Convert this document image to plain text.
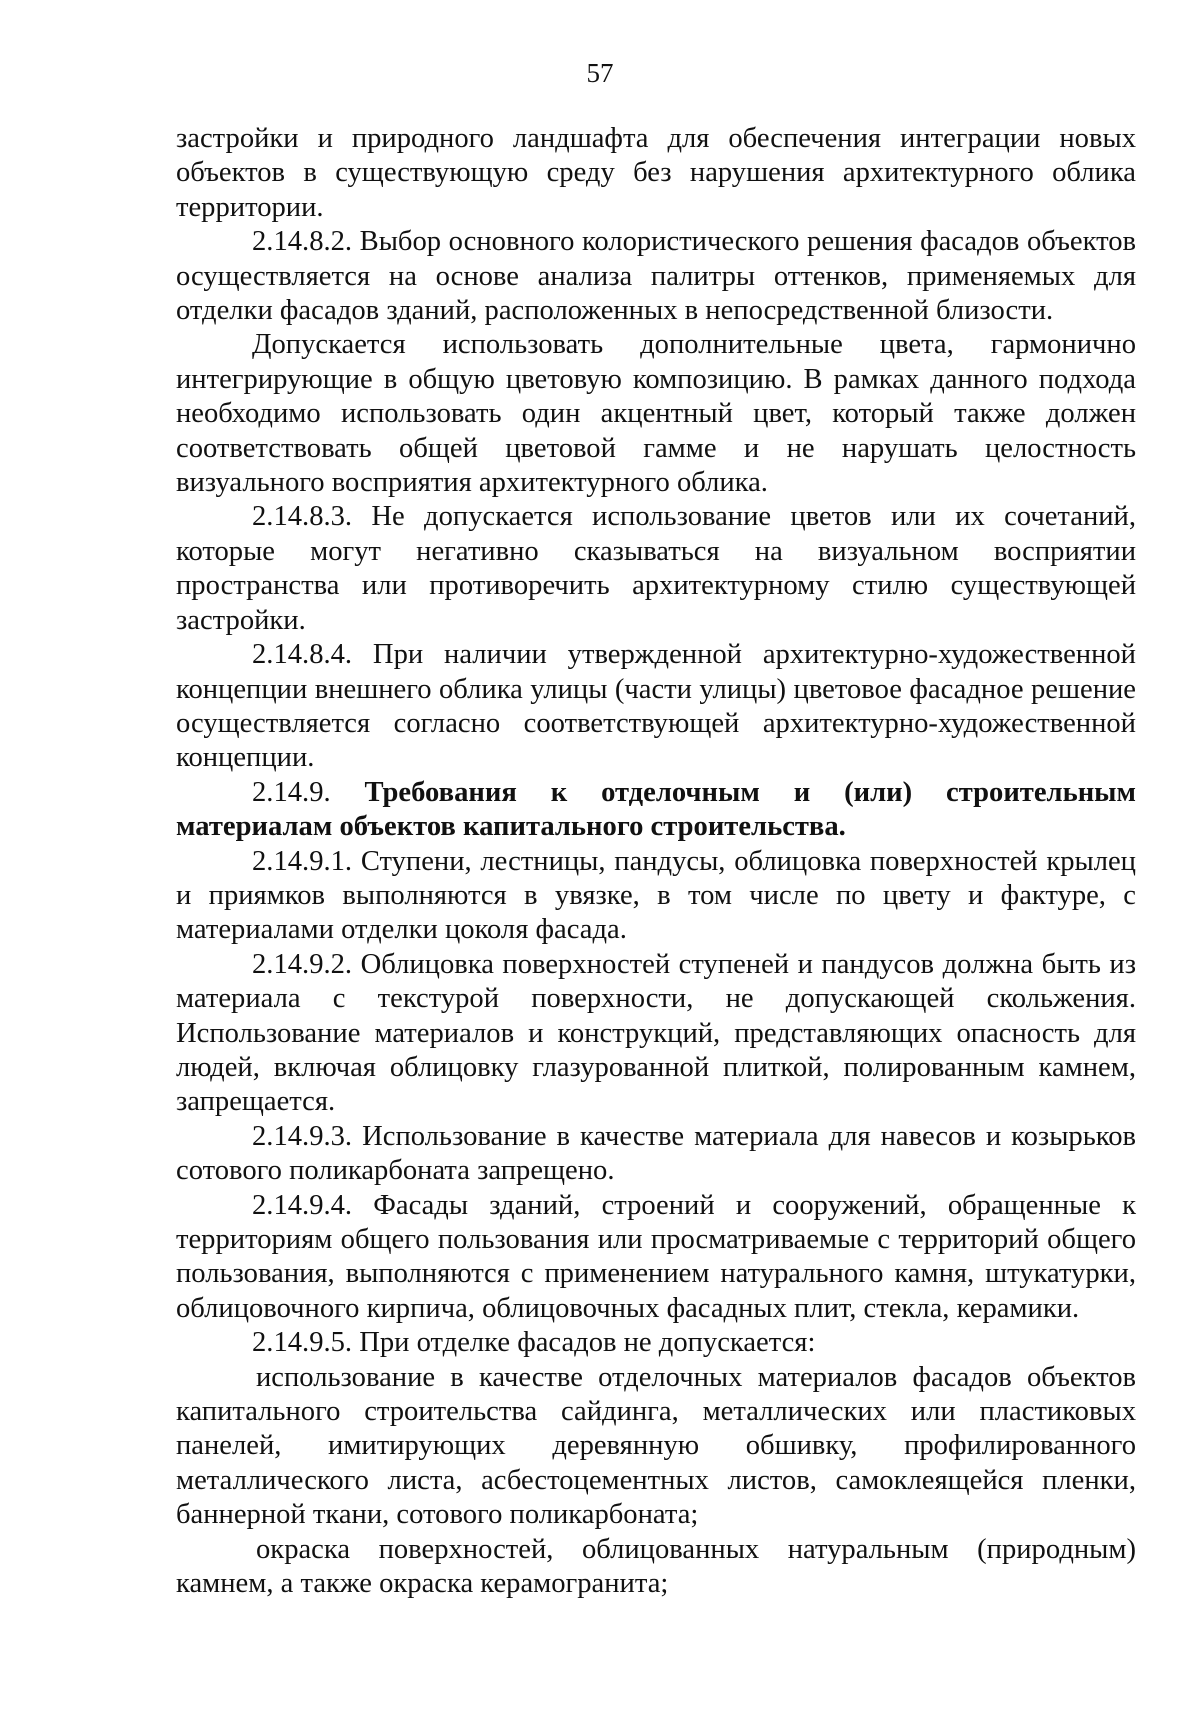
57

застройки и природного ландшафта для обеспечения интеграции новых объектов в существующую среду без нарушения архитектурного облика территории.

2.14.8.2. Выбор основного колористического решения фасадов объектов осуществляется на основе анализа палитры оттенков, применяемых для отделки фасадов зданий, расположенных в непосредственной близости.

Допускается использовать дополнительные цвета, гармонично интегрирующие в общую цветовую композицию. В рамках данного подхода необходимо использовать один акцентный цвет, который также должен соответствовать общей цветовой гамме и не нарушать целостность визуального восприятия архитектурного облика.

2.14.8.3. Не допускается использование цветов или их сочетаний, которые могут негативно сказываться на визуальном восприятии пространства или противоречить архитектурному стилю существующей застройки.

2.14.8.4. При наличии утвержденной архитектурно-художественной концепции внешнего облика улицы (части улицы) цветовое фасадное решение осуществляется согласно соответствующей архитектурно-художественной концепции.

2.14.9. Требования к отделочным и (или) строительным материалам объектов капитального строительства.

2.14.9.1. Ступени, лестницы, пандусы, облицовка поверхностей крылец и приямков выполняются в увязке, в том числе по цвету и фактуре, с материалами отделки цоколя фасада.

2.14.9.2. Облицовка поверхностей ступеней и пандусов должна быть из материала с текстурой поверхности, не допускающей скольжения. Использование материалов и конструкций, представляющих опасность для людей, включая облицовку глазурованной плиткой, полированным камнем, запрещается.

2.14.9.3. Использование в качестве материала для навесов и козырьков сотового поликарбоната запрещено.

2.14.9.4. Фасады зданий, строений и сооружений, обращенные к территориям общего пользования или просматриваемые с территорий общего пользования, выполняются с применением натурального камня, штукатурки, облицовочного кирпича, облицовочных фасадных плит, стекла, керамики.

2.14.9.5. При отделке фасадов не допускается:

использование в качестве отделочных материалов фасадов объектов капитального строительства сайдинга, металлических или пластиковых панелей, имитирующих деревянную обшивку, профилированного металлического листа, асбестоцементных листов, самоклеящейся пленки, баннерной ткани, сотового поликарбоната;

окраска поверхностей, облицованных натуральным (природным) камнем, а также окраска керамогранита;
